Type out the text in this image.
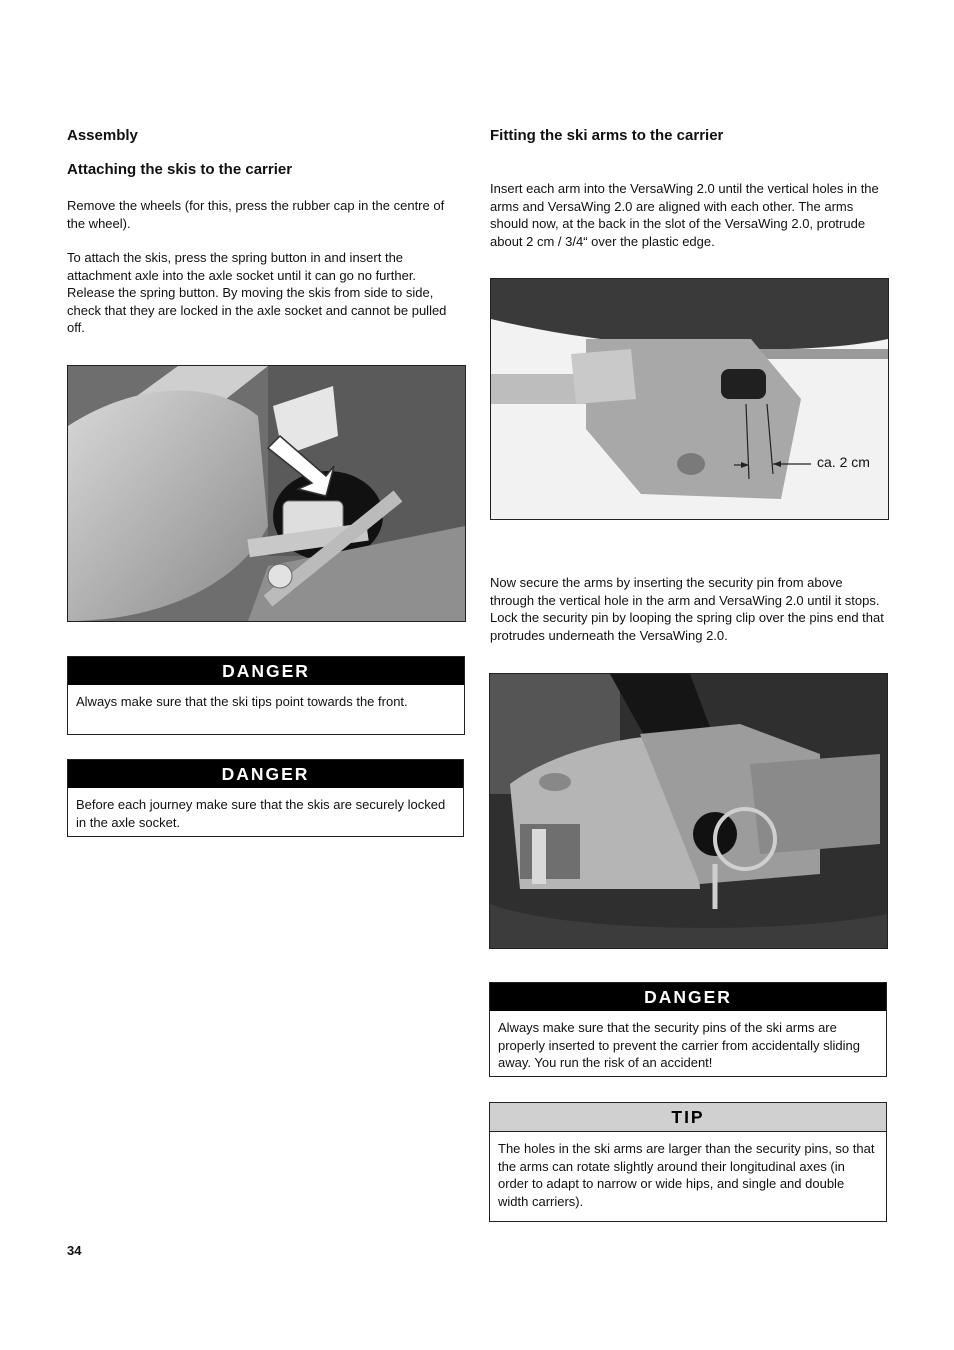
Assembly
Attaching the skis to the carrier

Remove the wheels (for this, press the rubber cap in the centre of the wheel).

To attach the skis, press the spring button in and insert the attachment axle into the axle socket until it can go no further. Release the spring button. By moving the skis from side to side, check that they are locked in the axle socket and cannot be pulled off.

DANGER
Always make sure that the ski tips point towards the front.
DANGER
Before each journey make sure that the skis are securely locked in the axle socket.
Fitting the ski arms to the carrier

Insert each arm into the VersaWing 2.0 until the vertical holes in the arms and VersaWing 2.0 are aligned with each other. The arms should now, at the back in the slot of the VersaWing 2.0, protrude about 2 cm / 3/4“ over the plastic edge.

ca. 2 cm

Now secure the arms by inserting the security pin from above through the vertical hole in the arm and VersaWing 2.0 until it stops. Lock the security pin by looping the spring clip over the pins end that protrudes underneath the VersaWing 2.0.

DANGER
Always make sure that the security pins of the ski arms are properly inserted to prevent the carrier from accidentally sliding away. You run the risk of an accident!
TIP
The holes in the ski arms are larger than the security pins, so that the arms can rotate slightly around their longitudinal axes (in order to adapt to narrow or wide hips, and single and double width carriers).
34
